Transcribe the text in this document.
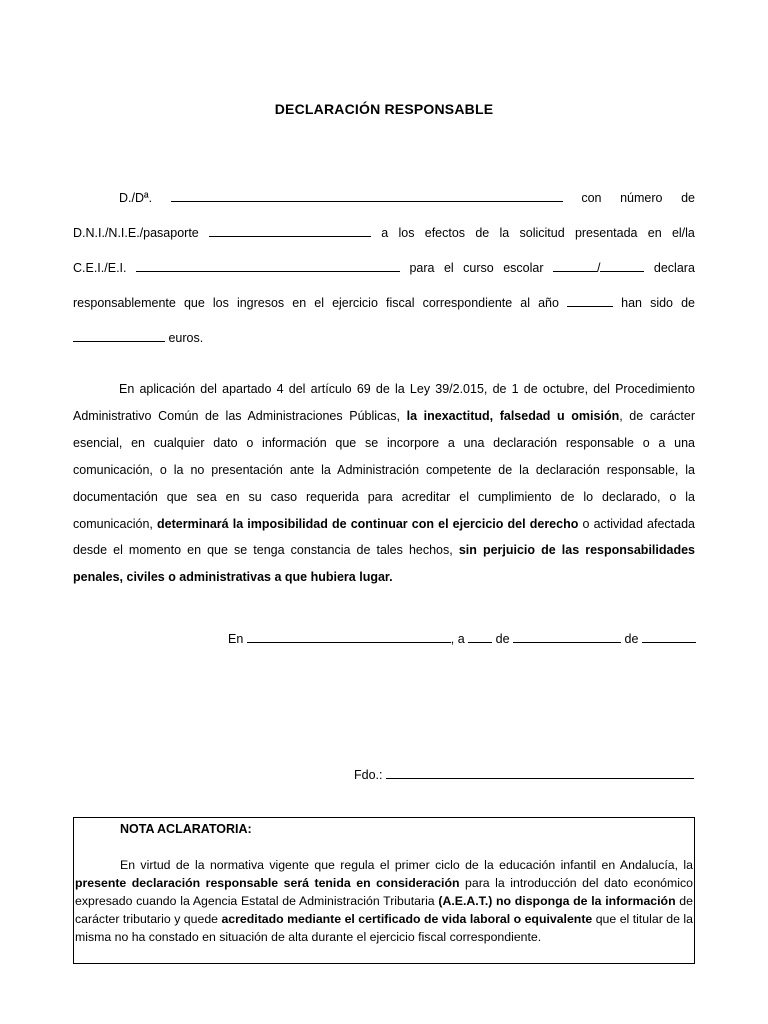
DECLARACIÓN RESPONSABLE
D./Dª.	con número de
D.N.I./N.I.E./pasaporte	a los efectos de la solicitud presentada en el/la
C.E.I./E.I.	para el curso escolar	/	declara
responsablemente que los ingresos en el ejercicio fiscal correspondiente al año	han sido de
euros.
En aplicación del apartado 4 del artículo 69 de la Ley 39/2.015, de 1 de octubre, del Procedimiento Administrativo Común de las Administraciones Públicas, la inexactitud, falsedad u omisión, de carácter esencial, en cualquier dato o información que se incorpore a una declaración responsable o a una comunicación, o la no presentación ante la Administración competente de la declaración responsable, la documentación que sea en su caso requerida para acreditar el cumplimiento de lo declarado, o la comunicación, determinará la imposibilidad de continuar con el ejercicio del derecho o actividad afectada desde el momento en que se tenga constancia de tales hechos, sin perjuicio de las responsabilidades penales, civiles o administrativas a que hubiera lugar.
En	, a de	de
Fdo.:
NOTA ACLARATORIA:
En virtud de la normativa vigente que regula el primer ciclo de la educación infantil en Andalucía, la presente declaración responsable será tenida en consideración para la introducción del dato económico expresado cuando la Agencia Estatal de Administración Tributaria (A.E.A.T.) no disponga de la información de carácter tributario y quede acreditado mediante el certificado de vida laboral o equivalente que el titular de la misma no ha constado en situación de alta durante el ejercicio fiscal correspondiente.
